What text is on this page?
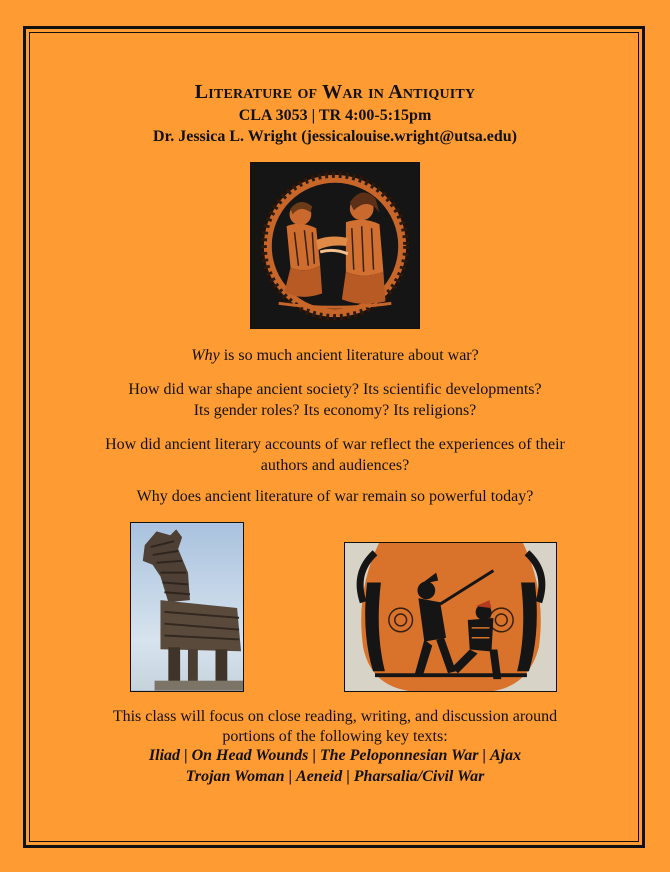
Literature of War in Antiquity
CLA 3053 | TR 4:00-5:15pm
Dr. Jessica L. Wright (jessicalouise.wright@utsa.edu)
Why is so much ancient literature about war?
How did war shape ancient society? Its scientific developments?
Its gender roles? Its economy? Its religions?
How did ancient literary accounts of war reflect the experiences of their
authors and audiences?
Why does ancient literature of war remain so powerful today?
This class will focus on close reading, writing, and discussion around
portions of the following key texts:
Iliad | On Head Wounds | The Peloponnesian War | Ajax
Trojan Woman | Aeneid | Pharsalia/Civil War
